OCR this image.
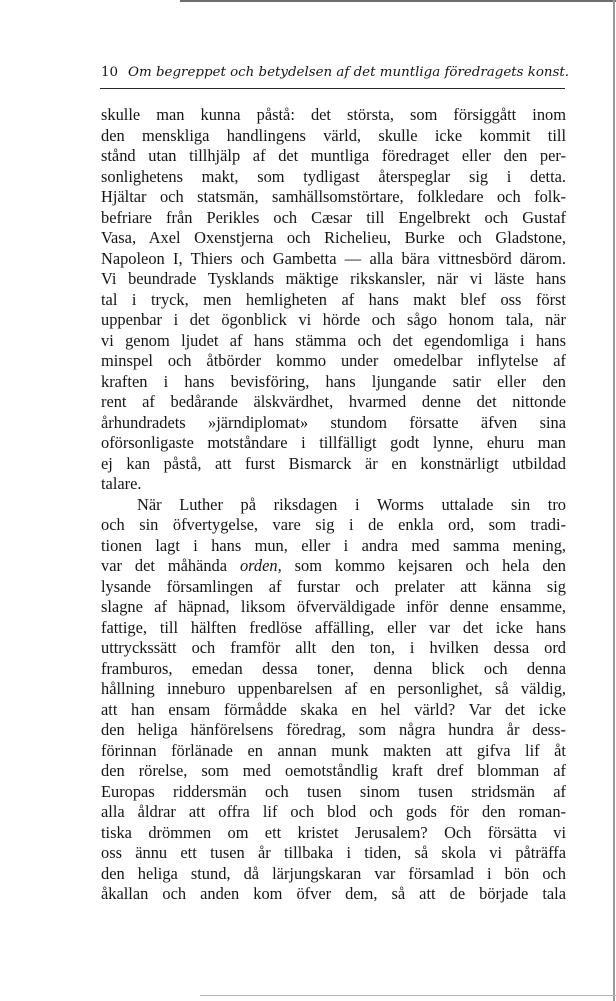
10 Om begreppet och betydelsen af det muntliga föredragets konst.
skulle man kunna påstå: det största, som försiggått inom
den menskliga handlingens värld, skulle icke kommit till
stånd utan tillhjälp af det muntliga föredraget eller den per-
sonlighetens makt, som tydligast återspeglar sig i detta.
Hjältar och statsmän, samhällsomstörtare, folkledare och folk-
befriare från Perikles och Cæsar till Engelbrekt och Gustaf
Vasa, Axel Oxenstjerna och Richelieu, Burke och Gladstone,
Napoleon I, Thiers och Gambetta — alla bära vittnesbörd därom.
Vi beundrade Tysklands mäktige rikskansler, när vi läste hans
tal i tryck, men hemligheten af hans makt blef oss först
uppenbar i det ögonblick vi hörde och sågo honom tala, när
vi genom ljudet af hans stämma och det egendomliga i hans
minspel och åtbörder kommo under omedelbar inflytelse af
kraften i hans bevisföring, hans ljungande satir eller den
rent af bedårande älskvärdhet, hvarmed denne det nittonde
århundradets »järndiplomat» stundom försatte äfven sina
oförsonligaste motståndare i tillfälligt godt lynne, ehuru man
ej kan påstå, att furst Bismarck är en konstnärligt utbildad
talare.
När Luther på riksdagen i Worms uttalade sin tro
och sin öfvertygelse, vare sig i de enkla ord, som tradi-
tionen lagt i hans mun, eller i andra med samma mening,
var det måhända orden, som kommo kejsaren och hela den
lysande församlingen af furstar och prelater att känna sig
slagne af häpnad, liksom öfverväldigade inför denne ensamme,
fattige, till hälften fredlöse affälling, eller var det icke hans
uttryckssätt och framför allt den ton, i hvilken dessa ord
framburos, emedan dessa toner, denna blick och denna
hållning inneburo uppenbarelsen af en personlighet, så väldig,
att han ensam förmådde skaka en hel värld? Var det icke
den heliga hänförelsens föredrag, som några hundra år dess-
förinnan förlänade en annan munk makten att gifva lif åt
den rörelse, som med oemotståndlig kraft dref blomman af
Europas riddersmän och tusen sinom tusen stridsmän af
alla åldrar att offra lif och blod och gods för den roman-
tiska drömmen om ett kristet Jerusalem? Och försätta vi
oss ännu ett tusen år tillbaka i tiden, så skola vi påträffa
den heliga stund, då lärjungskaran var församlad i bön och
åkallan och anden kom öfver dem, så att de började tala
